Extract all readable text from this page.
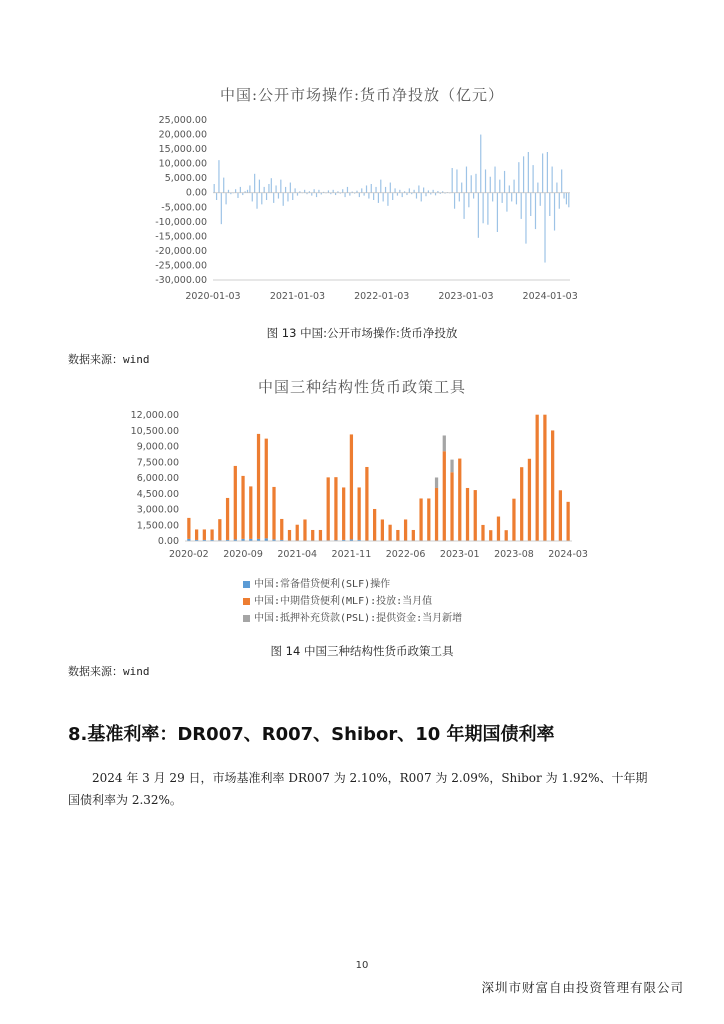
中国:公开市场操作:货币净投放（亿元）
25,000.00
20,000.00
15,000.00
10,000.00
5,000.00
0.00
-5,000.00
-10,000.00
-15,000.00
-20,000.00
-25,000.00
-30,000.00
2020-01-03	2021-01-03	2022-01-03	2023-01-03	2024-01-03
图 13 中国:公开市场操作:货币净投放
数据来源：wind
中国三种结构性货币政策工具
12,000.00
10,500.00
9,000.00
7,500.00
6,000.00
4,500.00
3,000.00
1,500.00
0.00
2020-02 2020-09 2021-04 2021-11 2022-06 2023-01 2023-08 2024-03
中国:常备借贷便利(SLF)操作
中国:中期借贷便利(MLF):投放:当月值
中国:抵押补充贷款(PSL):提供资金:当月新增
图 14 中国三种结构性货币政策工具
数据来源：wind
8.基准利率：DR007、R007、Shibor、10 年期国债利率
2024 年 3 月 29 日，市场基准利率 DR007 为 2.10%，R007 为 2.09%，Shibor 为 1.92%、十年期国债利率为 2.32%。
10
深圳市财富自由投资管理有限公司
